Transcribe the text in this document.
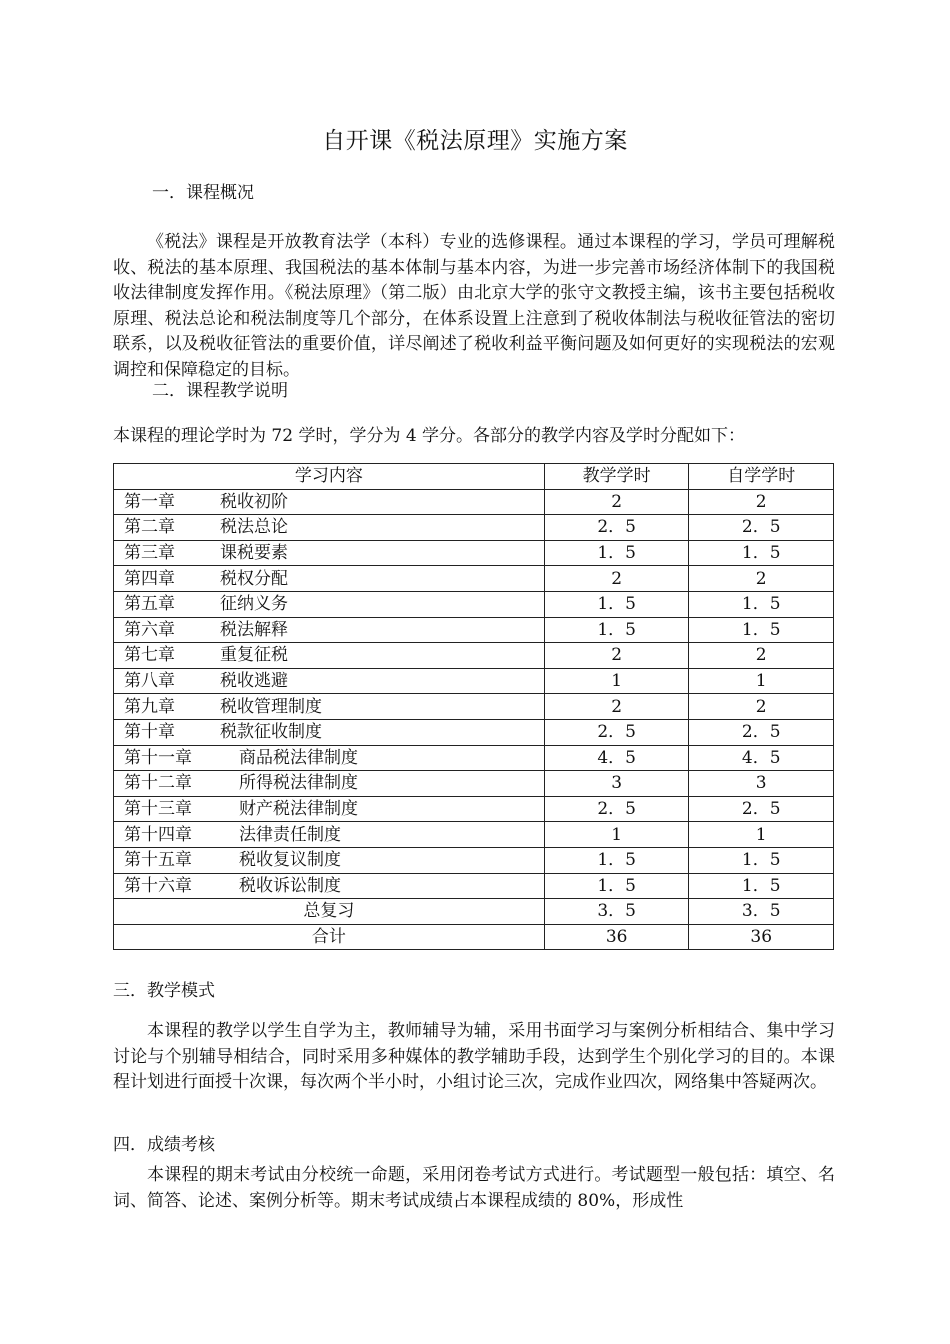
自开课《税法原理》实施方案
一．课程概况

《税法》课程是开放教育法学（本科）专业的选修课程。通过本课程的学习，学员可理解税收、税法的基本原理、我国税法的基本体制与基本内容，为进一步完善市场经济体制下的我国税收法律制度发挥作用。《税法原理》（第二版）由北京大学的张守文教授主编，该书主要包括税收原理、税法总论和税法制度等几个部分，在体系设置上注意到了税收体制法与税收征管法的密切联系，以及税收征管法的重要价值，详尽阐述了税收利益平衡问题及如何更好的实现税法的宏观调控和保障稳定的目标。

二．课程教学说明
本课程的理论学时为 72 学时，学分为 4 学分。各部分的教学内容及学时分配如下：
学习内容	教学学时	自学学时
第一章 税收初阶	2	2
第二章 税法总论	2．5	2．5
第三章 课税要素	1．5	1．5
第四章 税权分配	2	2
第五章 征纳义务	1．5	1．5
第六章 税法解释	1．5	1．5
第七章 重复征税	2	2
第八章 税收逃避	1	1
第九章 税收管理制度	2	2
第十章 税款征收制度	2．5	2．5
第十一章 商品税法律制度	4．5	4．5
第十二章 所得税法律制度	3	3
第十三章 财产税法律制度	2．5	2．5
第十四章 法律责任制度	1	1
第十五章 税收复议制度	1．5	1．5
第十六章 税收诉讼制度	1．5	1．5
总复习	3．5	3．5
合计	36	36
三．教学模式

本课程的教学以学生自学为主，教师辅导为辅，采用书面学习与案例分析相结合、集中学习讨论与个别辅导相结合，同时采用多种媒体的教学辅助手段，达到学生个别化学习的目的。本课程计划进行面授十次课，每次两个半小时，小组讨论三次，完成作业四次，网络集中答疑两次。

四．成绩考核

本课程的期末考试由分校统一命题，采用闭卷考试方式进行。考试题型一般包括：填空、名词、简答、论述、案例分析等。期末考试成绩占本课程成绩的 80%，形成性
